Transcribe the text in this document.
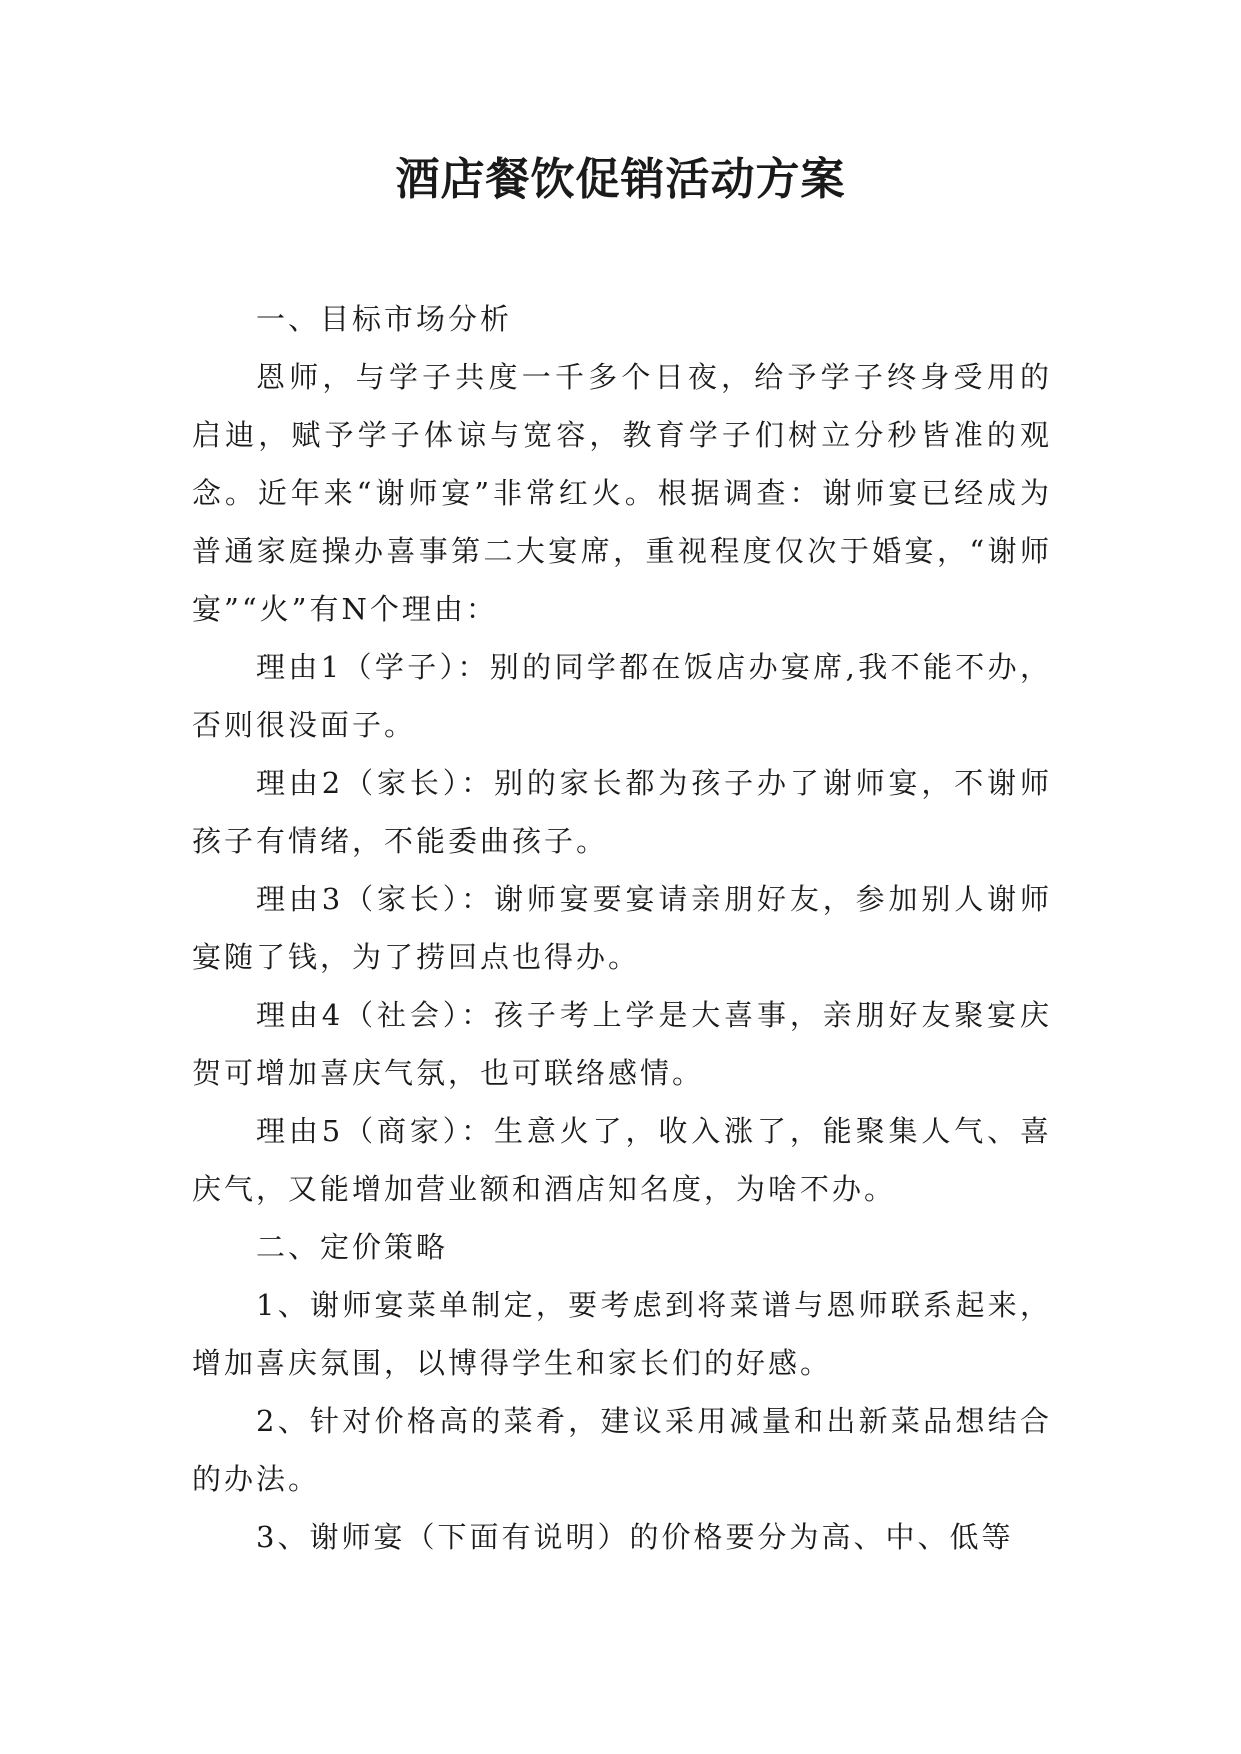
酒店餐饮促销活动方案

一、目标市场分析

恩师，与学子共度一千多个日夜，给予学子终身受用的启迪，赋予学子体谅与宽容，教育学子们树立分秒皆准的观念。近年来“谢师宴”非常红火。根据调查：谢师宴已经成为普通家庭操办喜事第二大宴席，重视程度仅次于婚宴，“谢师宴”“火”有N个理由：

理由1（学子）：别的同学都在饭店办宴席,我不能不办，否则很没面子。

理由2（家长）：别的家长都为孩子办了谢师宴，不谢师孩子有情绪，不能委曲孩子。

理由3（家长）：谢师宴要宴请亲朋好友，参加别人谢师宴随了钱，为了捞回点也得办。

理由4（社会）：孩子考上学是大喜事，亲朋好友聚宴庆贺可增加喜庆气氛，也可联络感情。

理由5（商家）：生意火了，收入涨了，能聚集人气、喜庆气，又能增加营业额和酒店知名度，为啥不办。

二、定价策略

1、谢师宴菜单制定，要考虑到将菜谱与恩师联系起来，增加喜庆氛围，以博得学生和家长们的好感。

2、针对价格高的菜肴，建议采用减量和出新菜品想结合的办法。

3、谢师宴（下面有说明）的价格要分为高、中、低等
